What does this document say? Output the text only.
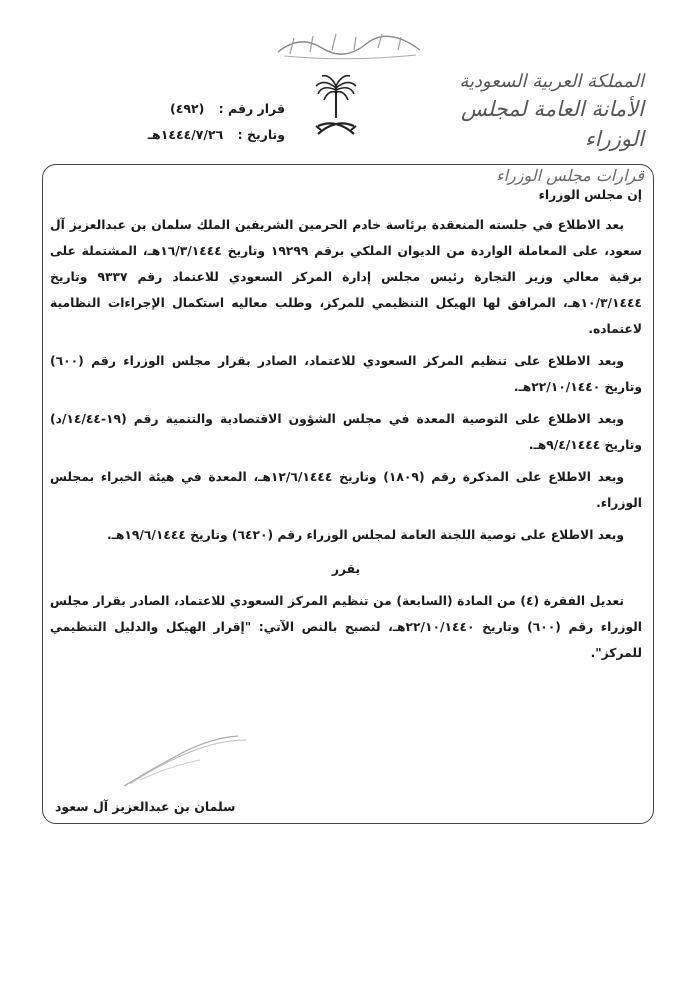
المملكة العربية السعودية
الأمانة العامة لمجلس الوزراء
قرارات مجلس الوزراء
قرار رقم : (٤٩٢)
وتاريخ : ١٤٤٤/٧/٢٦هـ

إن مجلس الوزراء

بعد الاطلاع في جلسته المنعقدة برئاسة خادم الحرمين الشريفين الملك سلمان بن عبدالعزيز آل سعود، على المعاملة الواردة من الديوان الملكي برقم ١٩٢٩٩ وتاريخ ١٦/٣/١٤٤٤هـ، المشتملة على برقية معالي وزير التجارة رئيس مجلس إدارة المركز السعودي للاعتماد رقم ٩٣٣٧ وتاريخ ١٠/٣/١٤٤٤هـ، المرافق لها الهيكل التنظيمي للمركز، وطلب معاليه استكمال الإجراءات النظامية لاعتماده.

وبعد الاطلاع على تنظيم المركز السعودي للاعتماد، الصادر بقرار مجلس الوزراء رقم (٦٠٠) وتاريخ ٢٢/١٠/١٤٤٠هـ.

وبعد الاطلاع على التوصية المعدة في مجلس الشؤون الاقتصادية والتنمية رقم (١٩-١٤/٤٤/د) وتاريخ ٩/٤/١٤٤٤هـ.

وبعد الاطلاع على المذكرة رقم (١٨٠٩) وتاريخ ١٢/٦/١٤٤٤هـ، المعدة في هيئة الخبراء بمجلس الوزراء.

وبعد الاطلاع على توصية اللجنة العامة لمجلس الوزراء رقم (٦٤٢٠) وتاريخ ١٩/٦/١٤٤٤هـ.

يقرر

تعديل الفقرة (٤) من المادة (السابعة) من تنظيم المركز السعودي للاعتماد، الصادر بقرار مجلس الوزراء رقم (٦٠٠) وتاريخ ٢٢/١٠/١٤٤٠هـ، لتصبح بالنص الآتي: "إقرار الهيكل والدليل التنظيمي للمركز".

سلمان بن عبدالعزيز آل سعود
